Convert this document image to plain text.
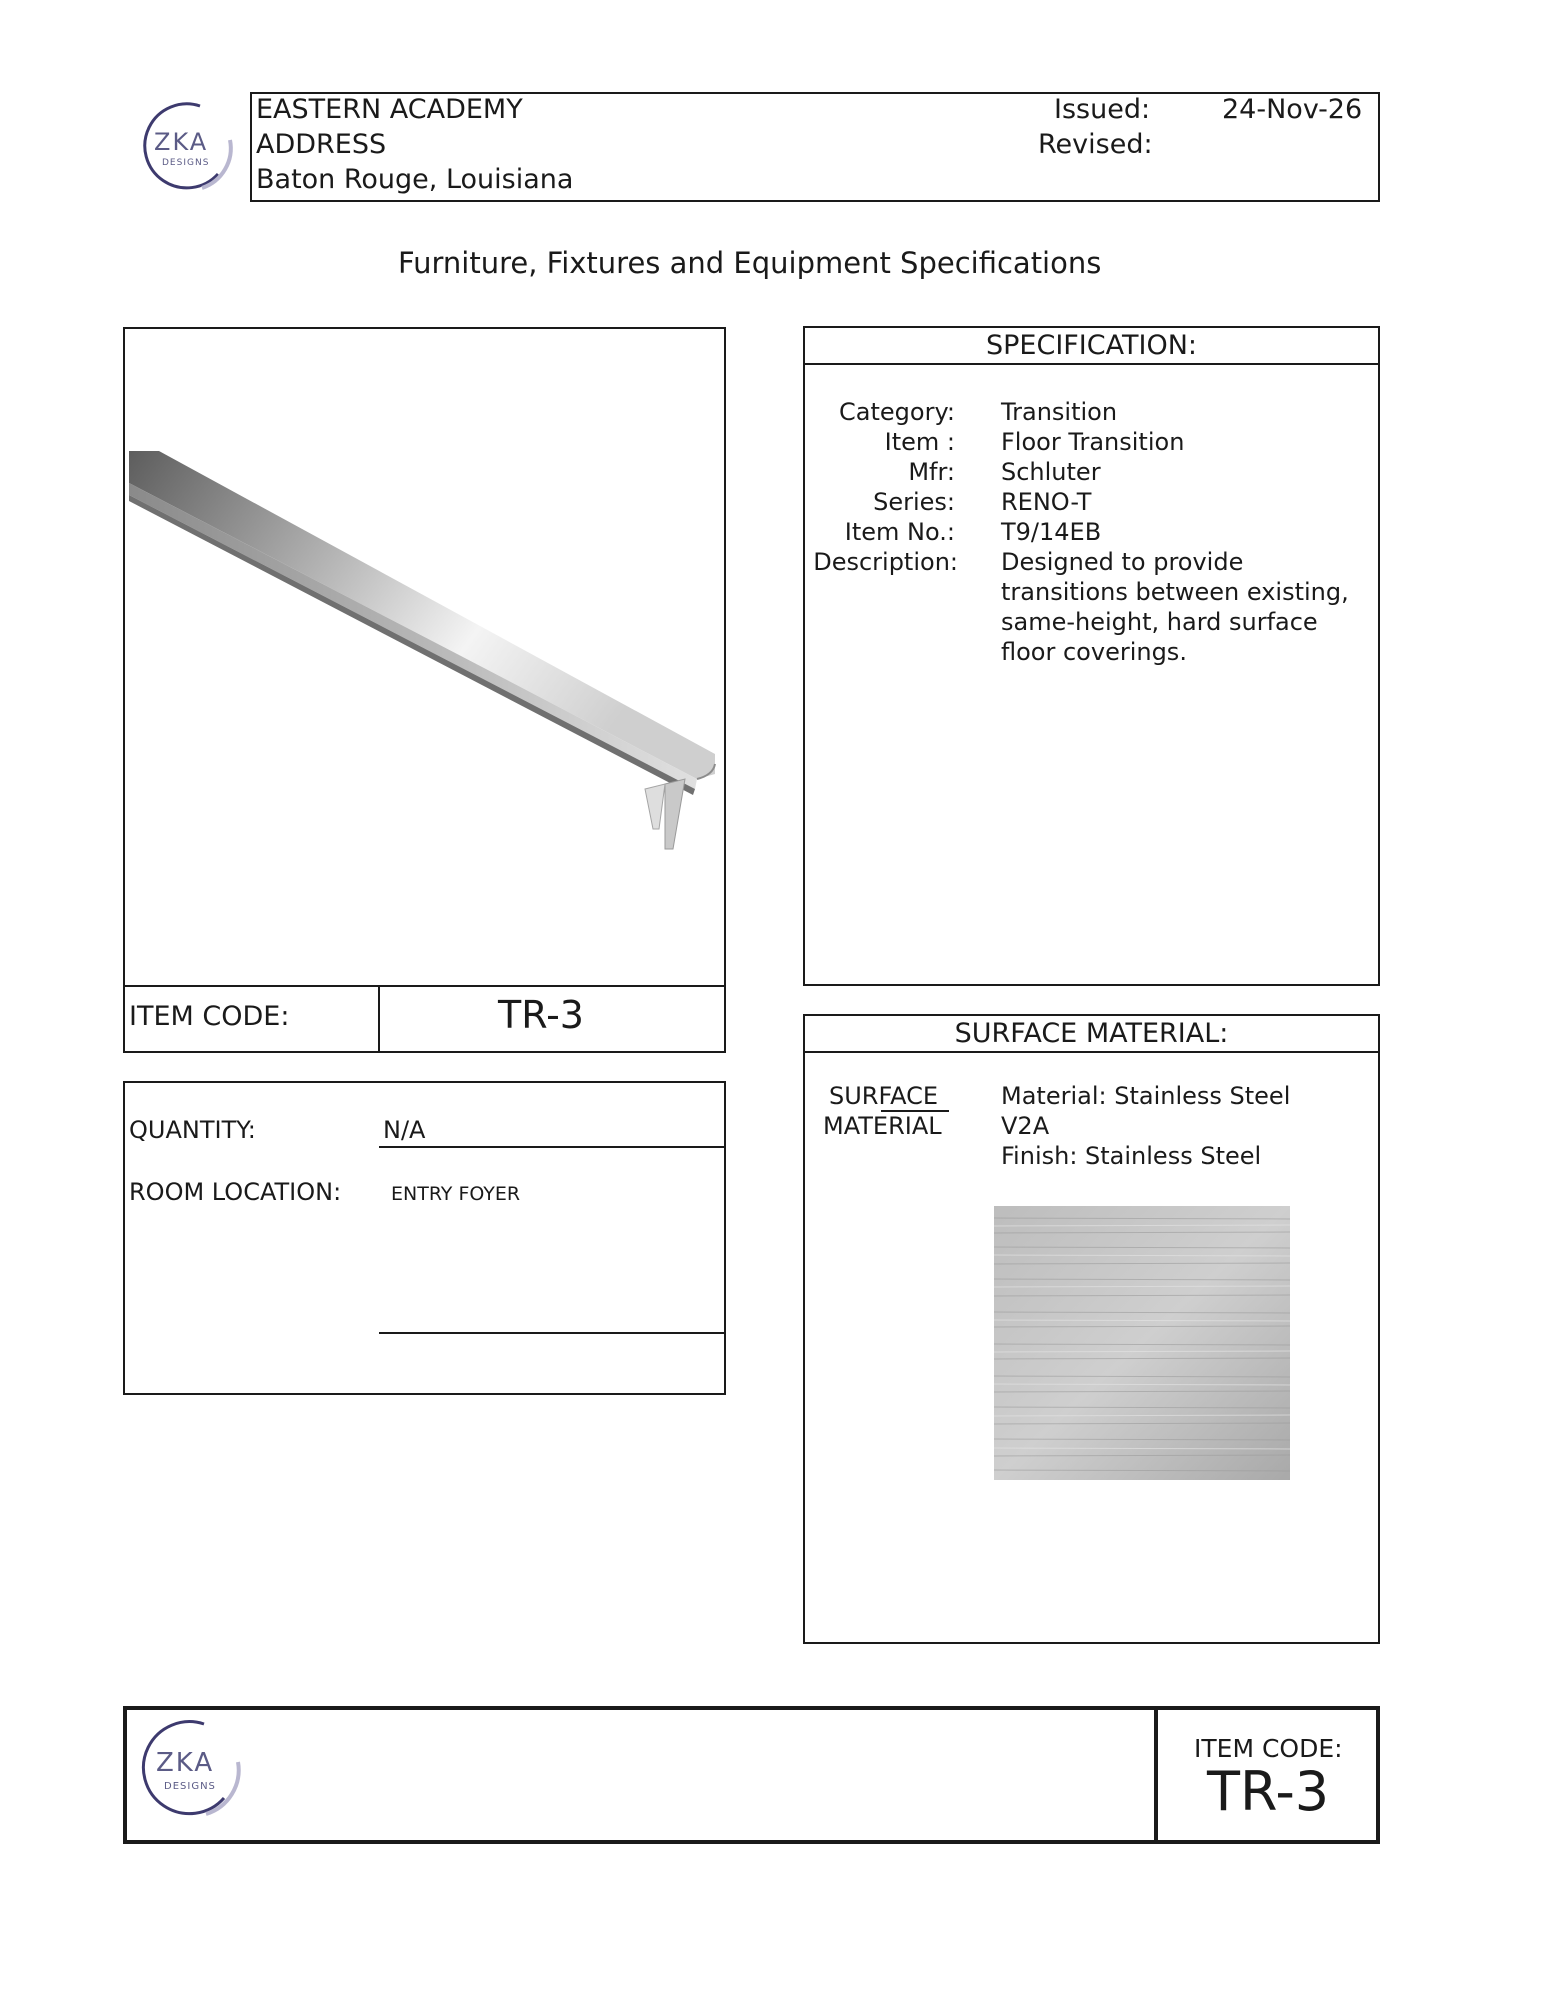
ZKA
DESIGNS
EASTERN ACADEMY
ADDRESS
Baton Rouge, Louisiana
Issued:	24-Nov-26
Revised:
Furniture, Fixtures and Equipment Specifications
ITEM CODE:	TR-3
QUANTITY:	N/A
ROOM LOCATION:	ENTRY FOYER
SPECIFICATION:
Category: Transition
Item : Floor Transition
Mfr: Schluter
Series: RENO-T
Item No.: T9/14EB
Description: Designed to provide
transitions between existing,
same-height, hard surface
floor coverings.
SURFACE MATERIAL:
SURFACE
MATERIAL
Material: Stainless Steel
V2A
Finish: Stainless Steel
ITEM CODE:
TR-3
ZKA
DESIGNS
